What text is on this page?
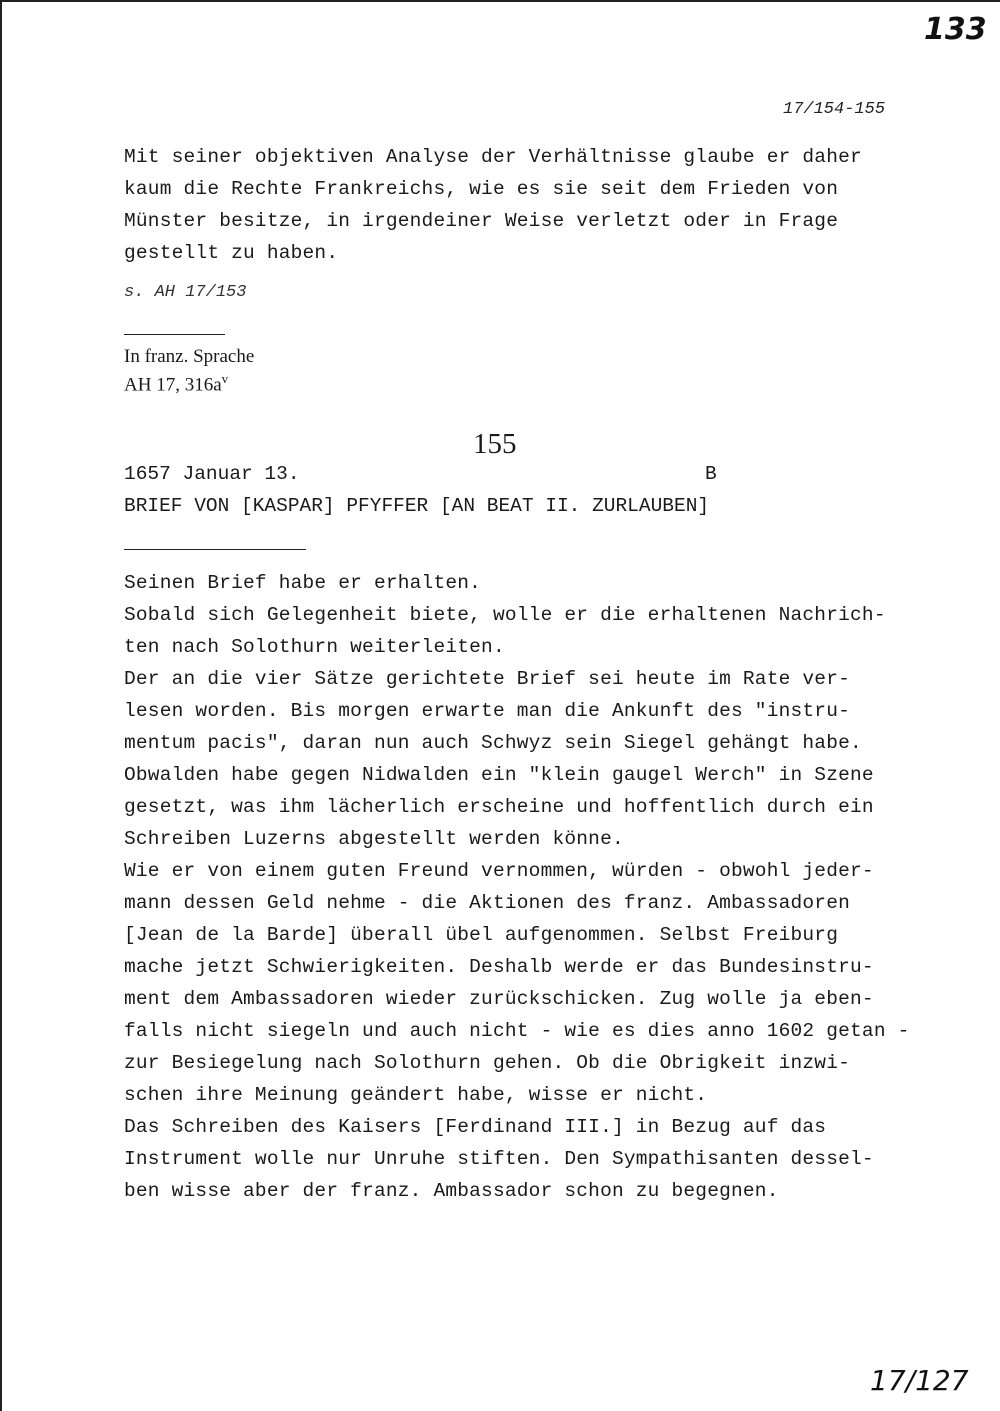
133
17/154-155
Mit seiner objektiven Analyse der Verhältnisse glaube er daher
kaum die Rechte Frankreichs, wie es sie seit dem Frieden von
Münster besitze, in irgendeiner Weise verletzt oder in Frage
gestellt zu haben.
s. AH 17/153
In franz. Sprache
AH 17, $316a^v$
155
1657 Januar 13.	B
BRIEF VON [KASPAR] PFYFFER [AN BEAT II. ZURLAUBEN]
Seinen Brief habe er erhalten.
Sobald sich Gelegenheit biete, wolle er die erhaltenen Nachrich-
ten nach Solothurn weiterleiten.
Der an die vier Sätze gerichtete Brief sei heute im Rate ver-
lesen worden. Bis morgen erwarte man die Ankunft des "instru-
mentum pacis", daran nun auch Schwyz sein Siegel gehängt habe.
Obwalden habe gegen Nidwalden ein "klein gaugel Werch" in Szene
gesetzt, was ihm lächerlich erscheine und hoffentlich durch ein
Schreiben Luzerns abgestellt werden könne.
Wie er von einem guten Freund vernommen, würden - obwohl jeder-
mann dessen Geld nehme - die Aktionen des franz. Ambassadoren
[Jean de la Barde] überall übel aufgenommen. Selbst Freiburg
mache jetzt Schwierigkeiten. Deshalb werde er das Bundesinstru-
ment dem Ambassadoren wieder zurückschicken. Zug wolle ja eben-
falls nicht siegeln und auch nicht - wie es dies anno 1602 getan -
zur Besiegelung nach Solothurn gehen. Ob die Obrigkeit inzwi-
schen ihre Meinung geändert habe, wisse er nicht.
Das Schreiben des Kaisers [Ferdinand III.] in Bezug auf das
Instrument wolle nur Unruhe stiften. Den Sympathisanten dessel-
ben wisse aber der franz. Ambassador schon zu begegnen.
17/127
